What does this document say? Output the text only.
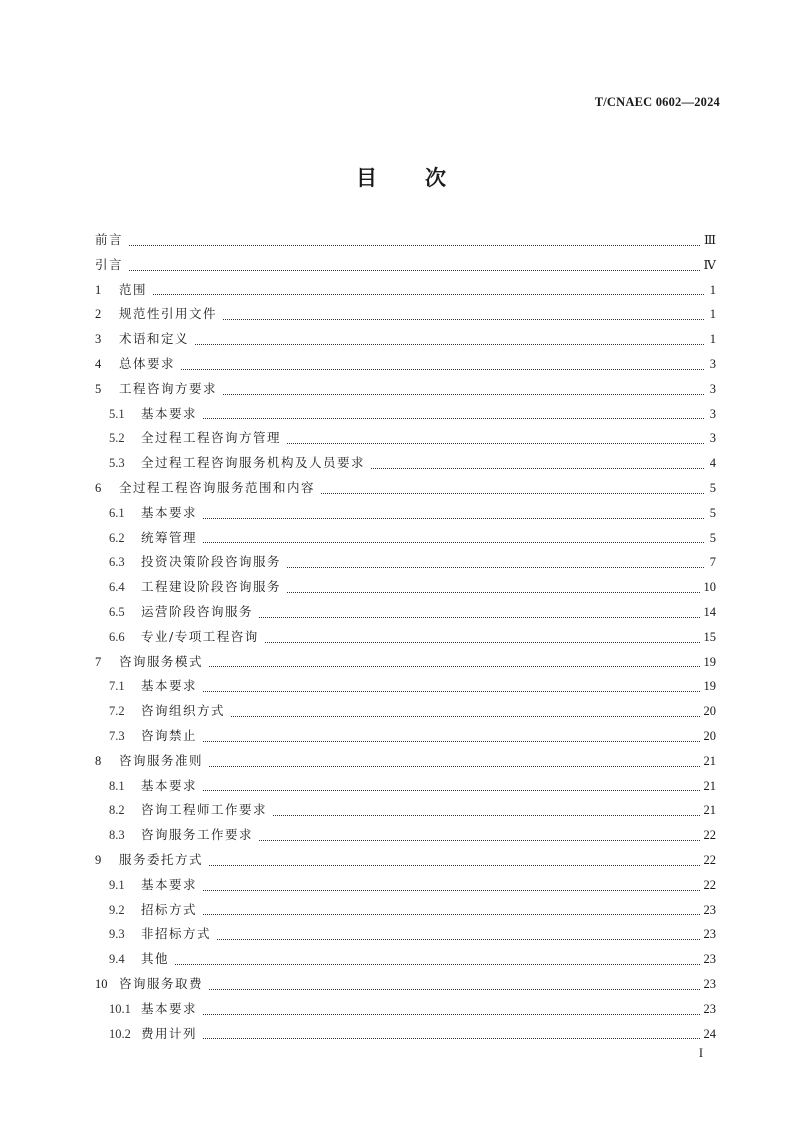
T/CNAEC 0602—2024
目次
前言	Ⅲ
引言	Ⅳ
1	范围	1
2	规范性引用文件	1
3	术语和定义	1
4	总体要求	3
5	工程咨询方要求	3
5.1	基本要求	3
5.2	全过程工程咨询方管理	3
5.3	全过程工程咨询服务机构及人员要求	4
6	全过程工程咨询服务范围和内容	5
6.1	基本要求	5
6.2	统筹管理	5
6.3	投资决策阶段咨询服务	7
6.4	工程建设阶段咨询服务	10
6.5	运营阶段咨询服务	14
6.6	专业/专项工程咨询	15
7	咨询服务模式	19
7.1	基本要求	19
7.2	咨询组织方式	20
7.3	咨询禁止	20
8	咨询服务准则	21
8.1	基本要求	21
8.2	咨询工程师工作要求	21
8.3	咨询服务工作要求	22
9	服务委托方式	22
9.1	基本要求	22
9.2	招标方式	23
9.3	非招标方式	23
9.4	其他	23
10 咨询服务取费	23
10.1 基本要求	23
10.2 费用计列	24
I
